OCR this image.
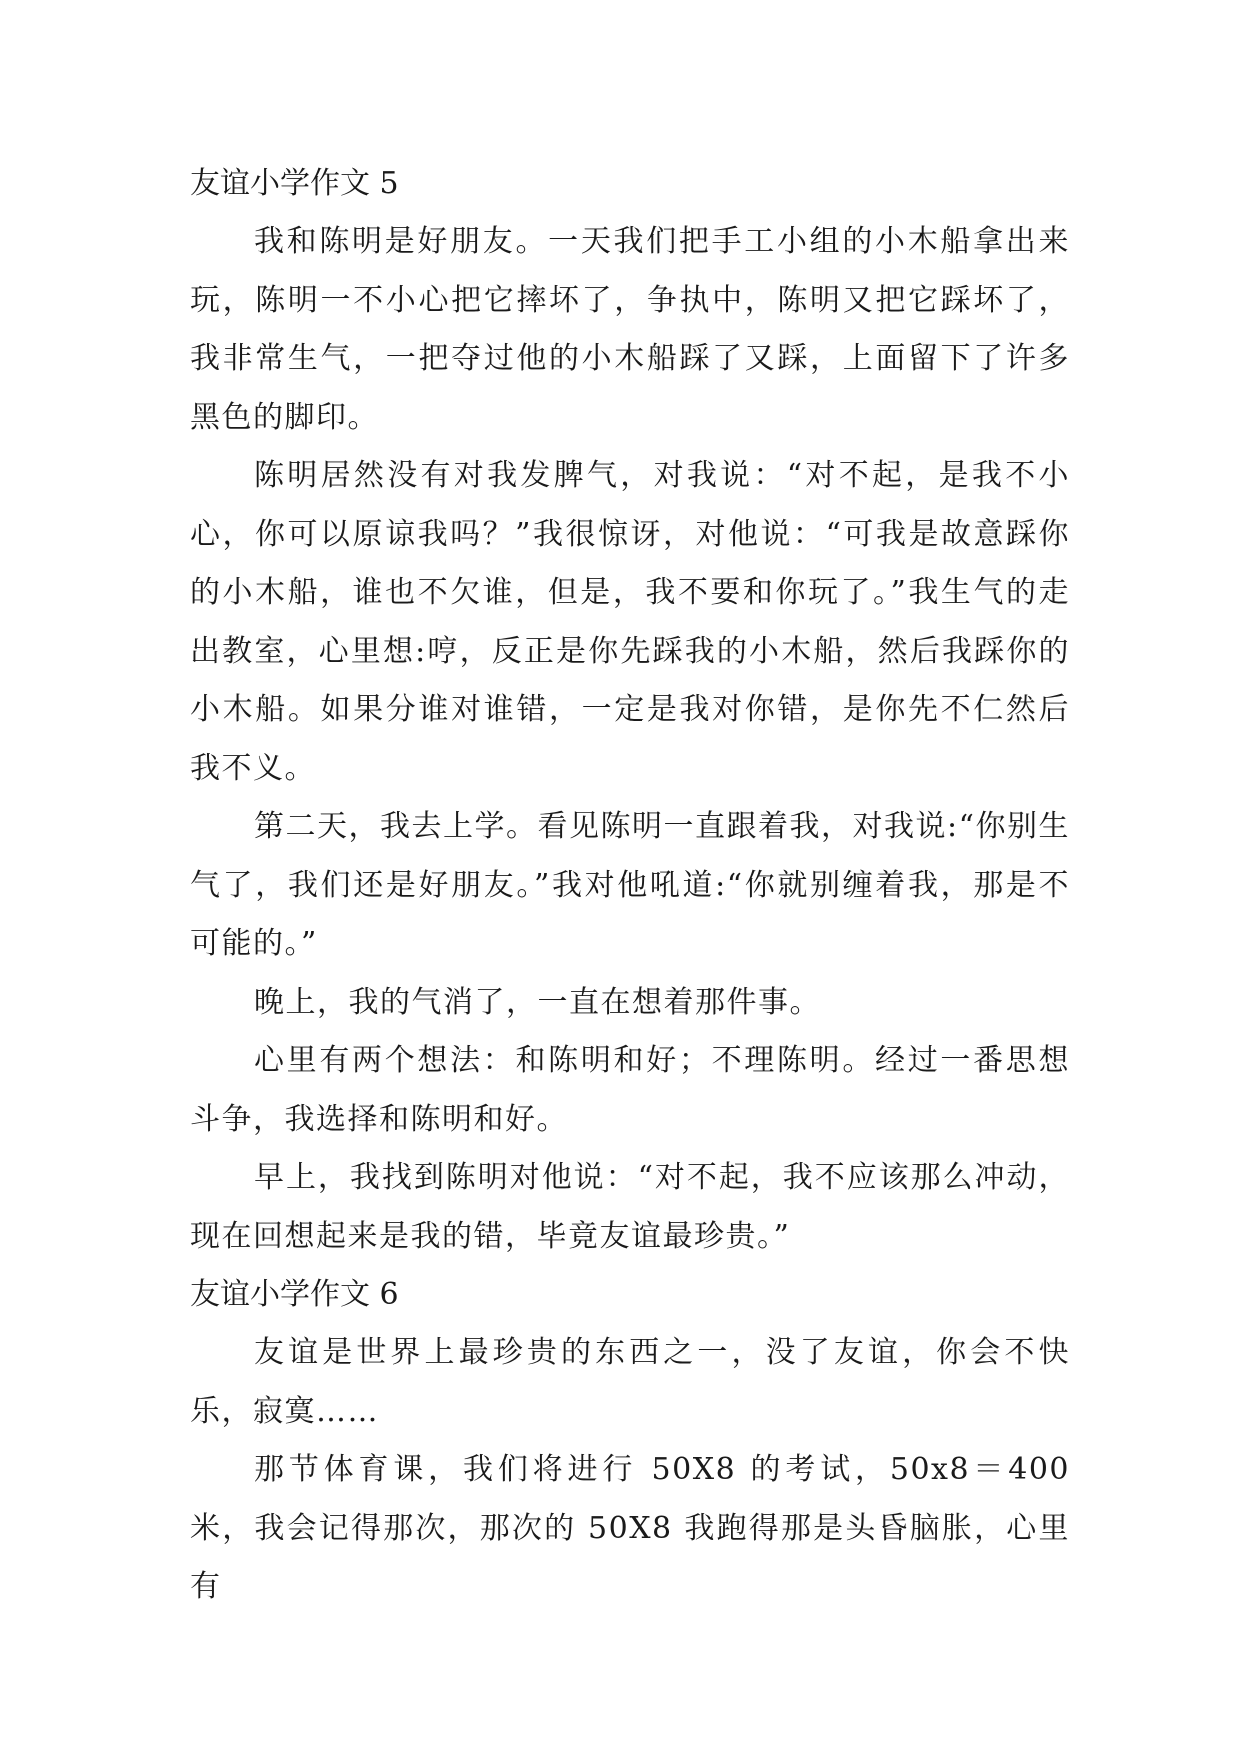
友谊小学作文 5

我和陈明是好朋友。一天我们把手工小组的小木船拿出来玩，陈明一不小心把它摔坏了，争执中，陈明又把它踩坏了，我非常生气，一把夺过他的小木船踩了又踩，上面留下了许多黑色的脚印。

陈明居然没有对我发脾气，对我说：“对不起，是我不小心，你可以原谅我吗？”我很惊讶，对他说：“可我是故意踩你的小木船，谁也不欠谁，但是，我不要和你玩了。”我生气的走出教室，心里想:哼，反正是你先踩我的小木船，然后我踩你的小木船。如果分谁对谁错，一定是我对你错，是你先不仁然后我不义。

第二天，我去上学。看见陈明一直跟着我，对我说:“你别生气了，我们还是好朋友。”我对他吼道:“你就别缠着我，那是不可能的。”

晚上，我的气消了，一直在想着那件事。

心里有两个想法：和陈明和好；不理陈明。经过一番思想斗争，我选择和陈明和好。

早上，我找到陈明对他说：“对不起，我不应该那么冲动，现在回想起来是我的错，毕竟友谊最珍贵。”

友谊小学作文 6

友谊是世界上最珍贵的东西之一，没了友谊，你会不快乐，寂寞……

那节体育课，我们将进行 50X8 的考试，50x8＝400 米，我会记得那次，那次的 50X8 我跑得那是头昏脑胀，心里有
